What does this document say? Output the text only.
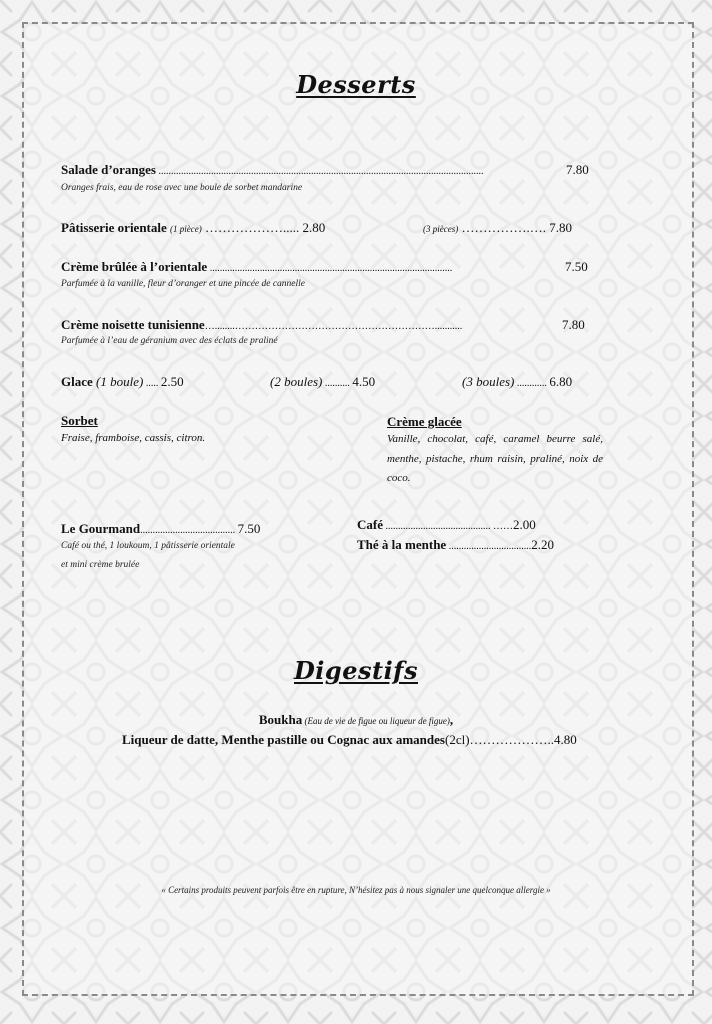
Desserts
Salade d’oranges ..................................................................................................................................	7.80
Oranges frais, eau de rose avec une boule de sorbet mandarine
Pâtisserie orientale (1 pièce) ………………..... 2.80	(3 pièces) …………….…. 7.80
Crème brûlée à l’orientale .................................................................................................	7.50
Parfumée à la vanille, fleur d’oranger et une pincée de cannelle
Crème noisette tunisienne…........……………………………………………………...........	7.80
Parfumée à l’eau de géranium avec des éclats de praliné
Glace (1 boule) ..... 2.50	(2 boules) .......... 4.50	(3 boules) ............ 6.80
Sorbet
Fraise, framboise, cassis, citron.
Crème glacée
Vanille, chocolat, café, caramel beurre salé, menthe, pistache, rhum raisin, praliné, noix de coco.
Le Gourmand...................................... 7.50
Café ou thé, 1 loukoum, 1 pâtisserie orientale
et mini crème brulée
Café .......................................... ……2.00
Thé à la menthe .................................2.20
Digestifs
Boukha (Eau de vie de figue ou liqueur de figue),
Liqueur de datte, Menthe pastille ou Cognac aux amandes(2cl)………………..4.80
« Certains produits peuvent parfois être en rupture, N’hésitez pas à nous signaler une quelconque allergie »
